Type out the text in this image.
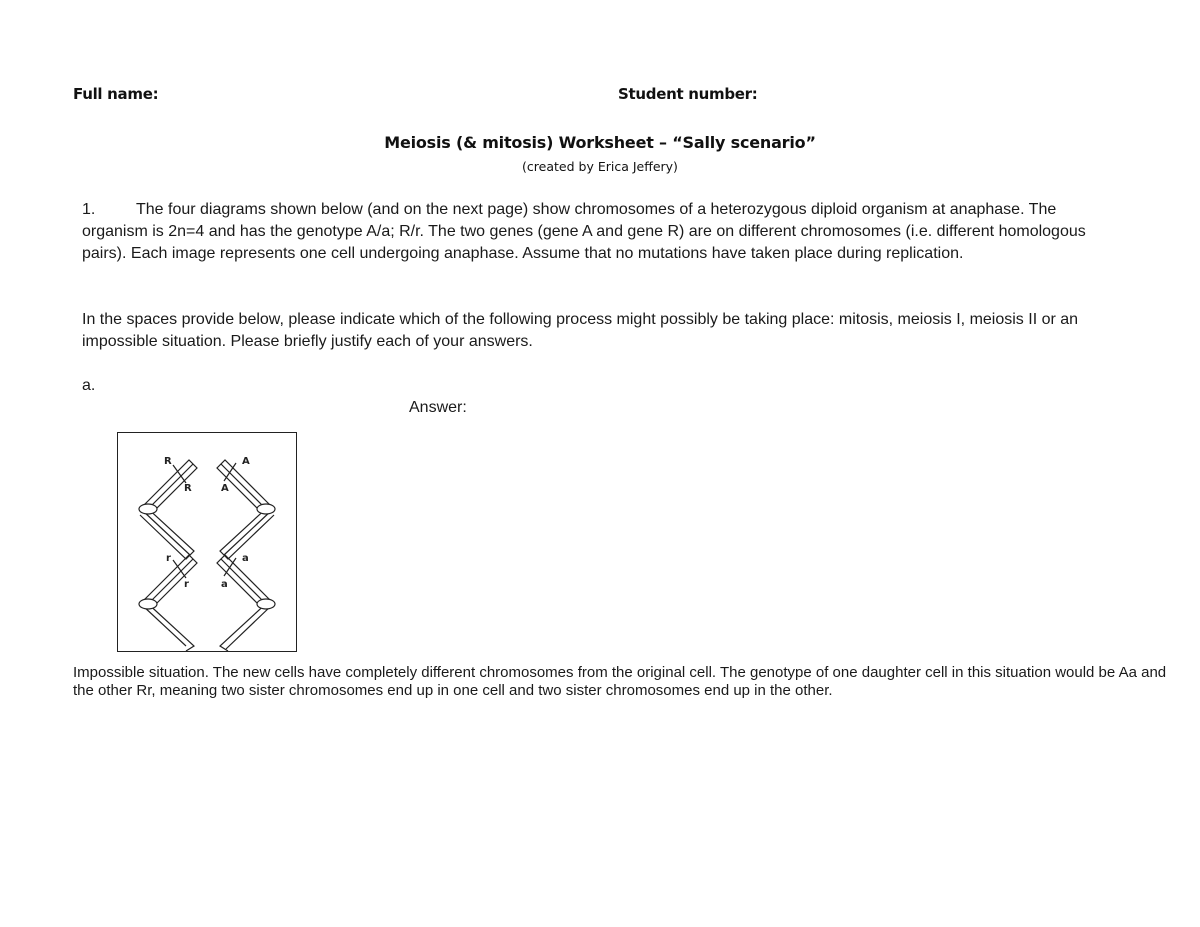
Full name:	Student number:
Meiosis (& mitosis) Worksheet – “Sally scenario”
(created by Erica Jeffery)
1.	The four diagrams shown below (and on the next page) show chromosomes of a heterozygous diploid organism at anaphase. The organism is 2n=4 and has the genotype A/a; R/r. The two genes (gene A and gene R) are on different chromosomes (i.e. different homologous pairs). Each image represents one cell undergoing anaphase. Assume that no mutations have taken place during replication.
In the spaces provide below, please indicate which of the following process might possibly be taking place: mitosis, meiosis I, meiosis II or an impossible situation. Please briefly justify each of your answers.
a.
Answer:
R
R
A
A
r
r
a
a
Impossible situation. The new cells have completely different chromosomes from the original cell. The genotype of one daughter cell in this situation would be Aa and the other Rr, meaning two sister chromosomes end up in one cell and two sister chromosomes end up in the other.
